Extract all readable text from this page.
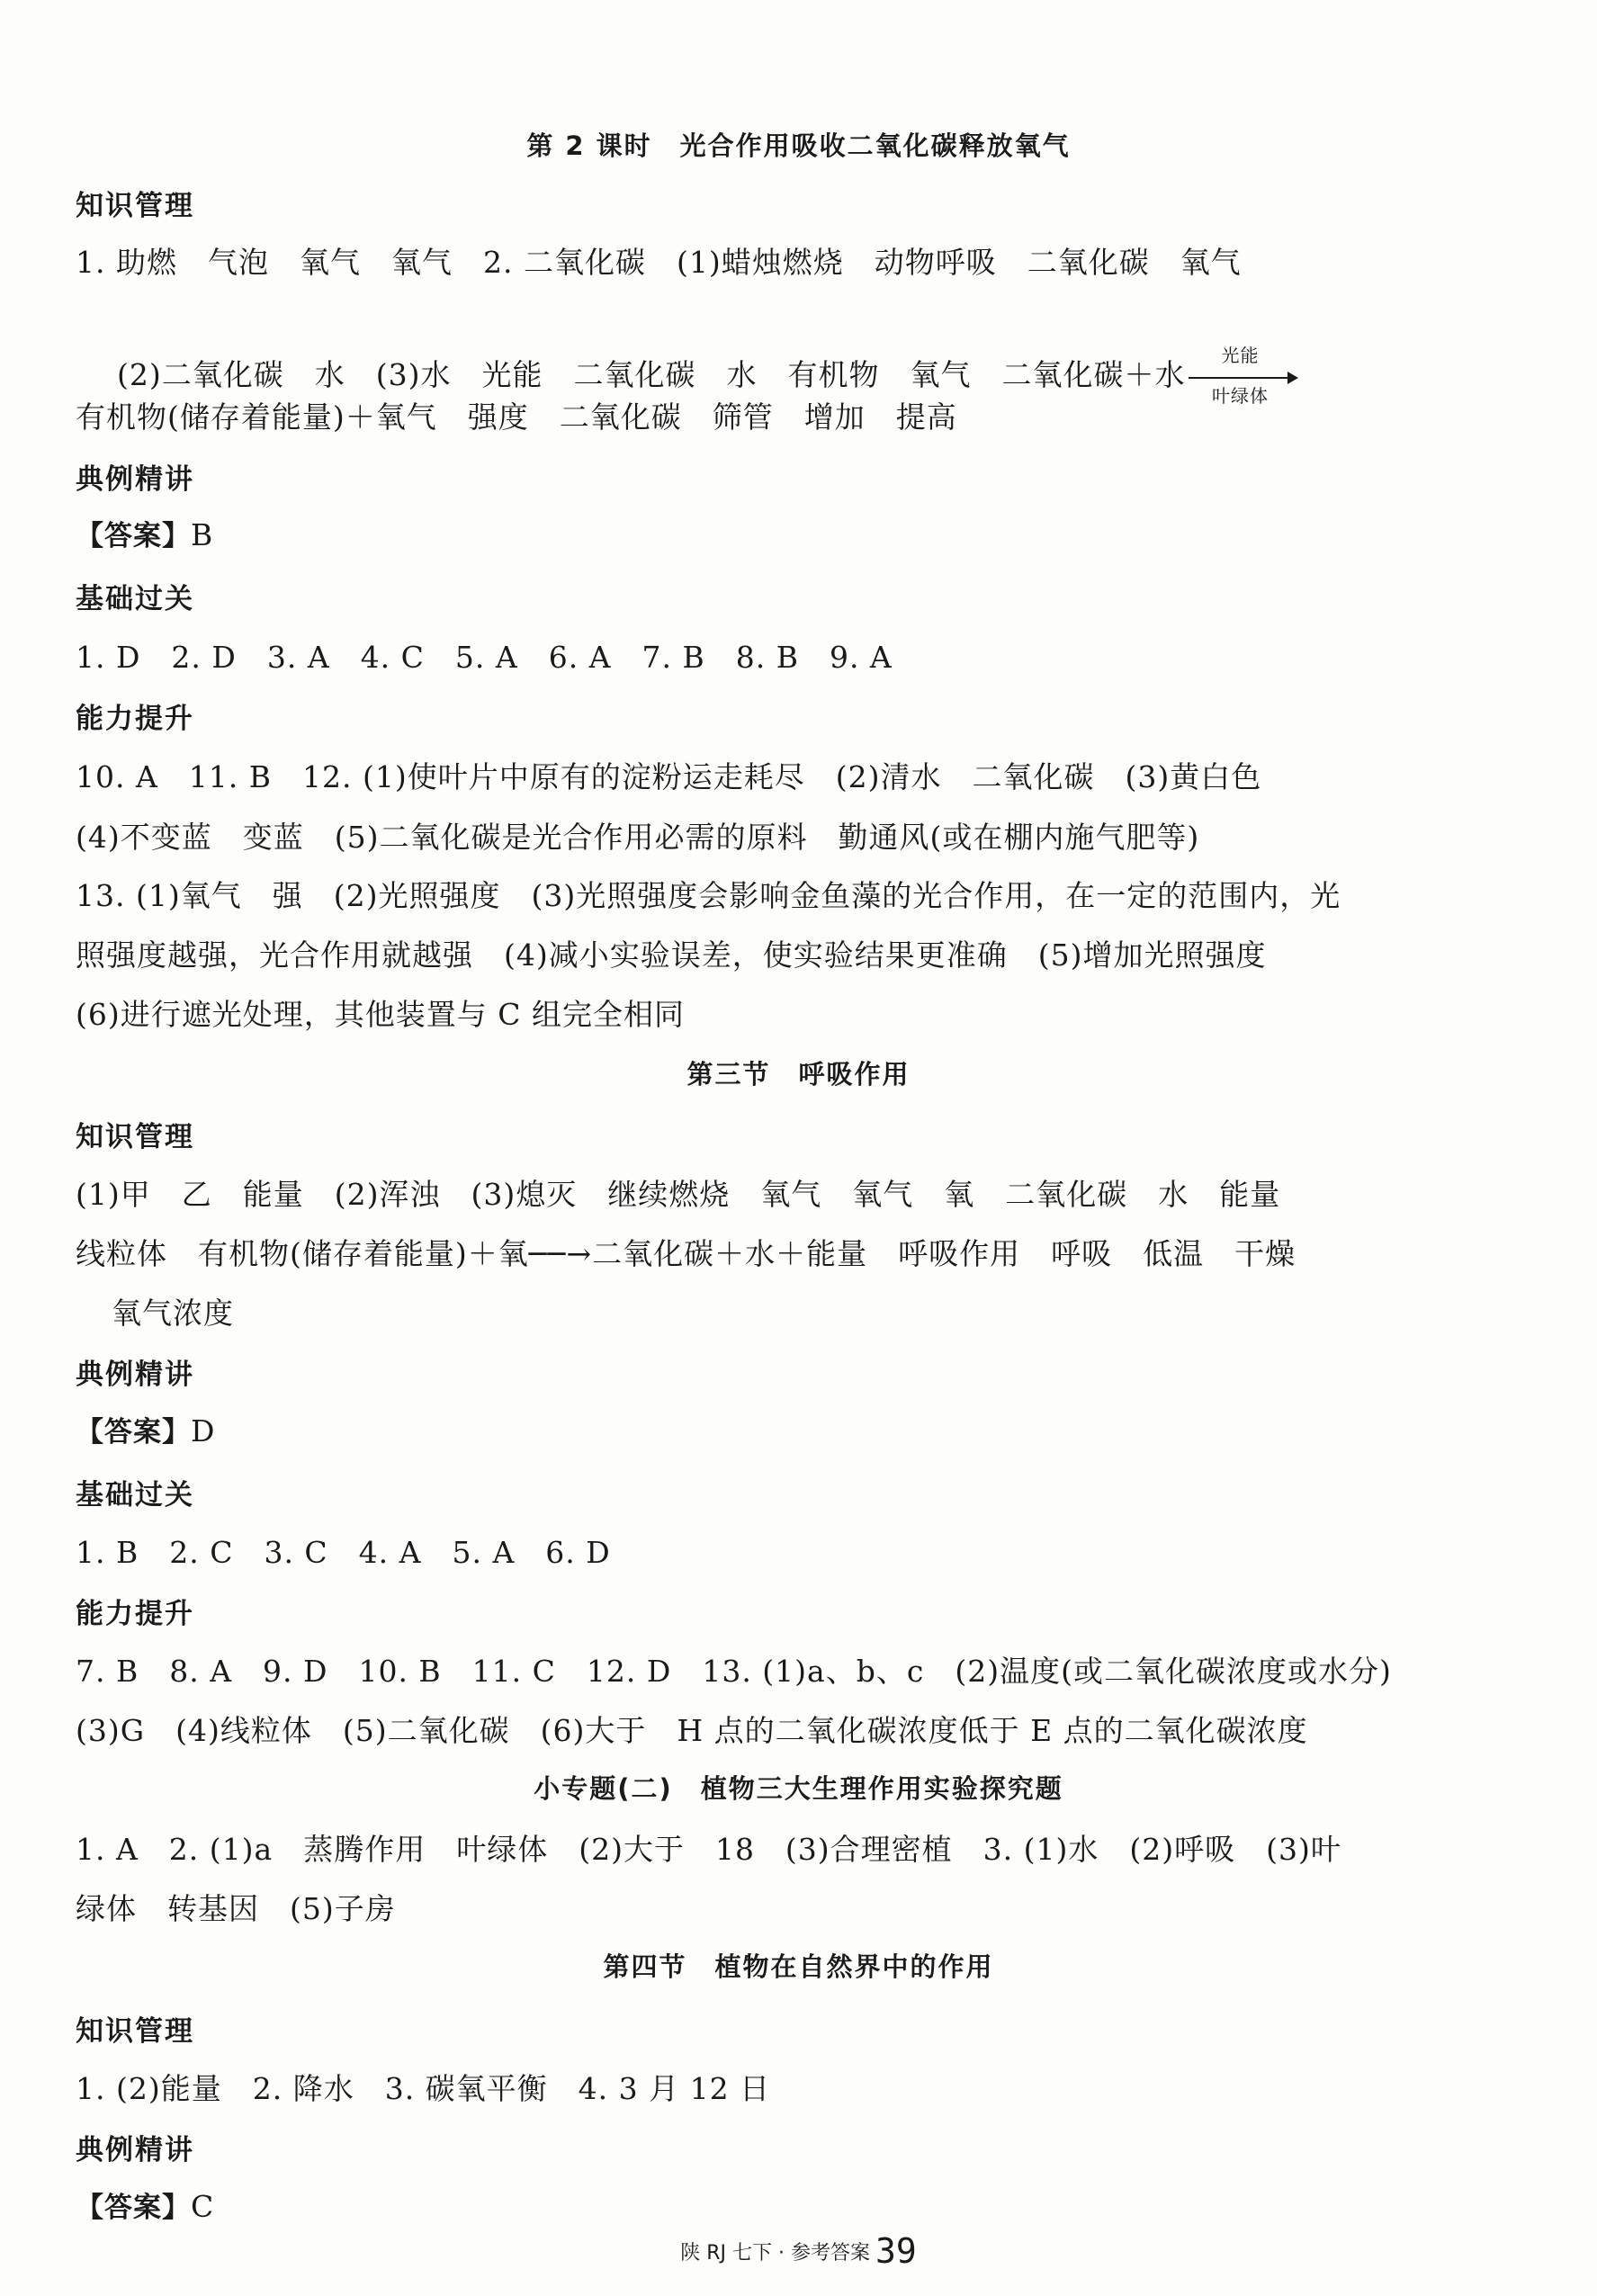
第 2 课时　光合作用吸收二氧化碳释放氧气
知识管理
1. 助燃　气泡　氧气　氧气　2. 二氧化碳　(1)蜡烛燃烧　动物呼吸　二氧化碳　氧气

(2)二氧化碳　水　(3)水　光能　二氧化碳　水　有机物　氧气　二氧化碳＋水
光能
叶绿体

有机物(储存着能量)＋氧气　强度　二氧化碳　筛管　增加　提高
典例精讲
【答案】B
基础过关
1. D　2. D　3. A　4. C　5. A　6. A　7. B　8. B　9. A
能力提升
10. A　11. B　12. (1)使叶片中原有的淀粉运走耗尽　(2)清水　二氧化碳　(3)黄白色
(4)不变蓝　变蓝　(5)二氧化碳是光合作用必需的原料　勤通风(或在棚内施气肥等)
13. (1)氧气　强　(2)光照强度　(3)光照强度会影响金鱼藻的光合作用，在一定的范围内，光
照强度越强，光合作用就越强　(4)减小实验误差，使实验结果更准确　(5)增加光照强度
(6)进行遮光处理，其他装置与 C 组完全相同
第三节　呼吸作用
知识管理
(1)甲　乙　能量　(2)浑浊　(3)熄灭　继续燃烧　氧气　氧气　氧　二氧化碳　水　能量
线粒体　有机物(储存着能量)＋氧──→二氧化碳＋水＋能量　呼吸作用　呼吸　低温　干燥
氧气浓度
典例精讲
【答案】D
基础过关
1. B　2. C　3. C　4. A　5. A　6. D
能力提升
7. B　8. A　9. D　10. B　11. C　12. D　13. (1)a、b、c　(2)温度(或二氧化碳浓度或水分)
(3)G　(4)线粒体　(5)二氧化碳　(6)大于　H 点的二氧化碳浓度低于 E 点的二氧化碳浓度
小专题(二)　植物三大生理作用实验探究题
1. A　2. (1)a　蒸腾作用　叶绿体　(2)大于　18　(3)合理密植　3. (1)水　(2)呼吸　(3)叶
绿体　转基因　(5)子房
第四节　植物在自然界中的作用
知识管理
1. (2)能量　2. 降水　3. 碳氧平衡　4. 3 月 12 日
典例精讲
【答案】C
陕 RJ 七下 · 参考答案 39
